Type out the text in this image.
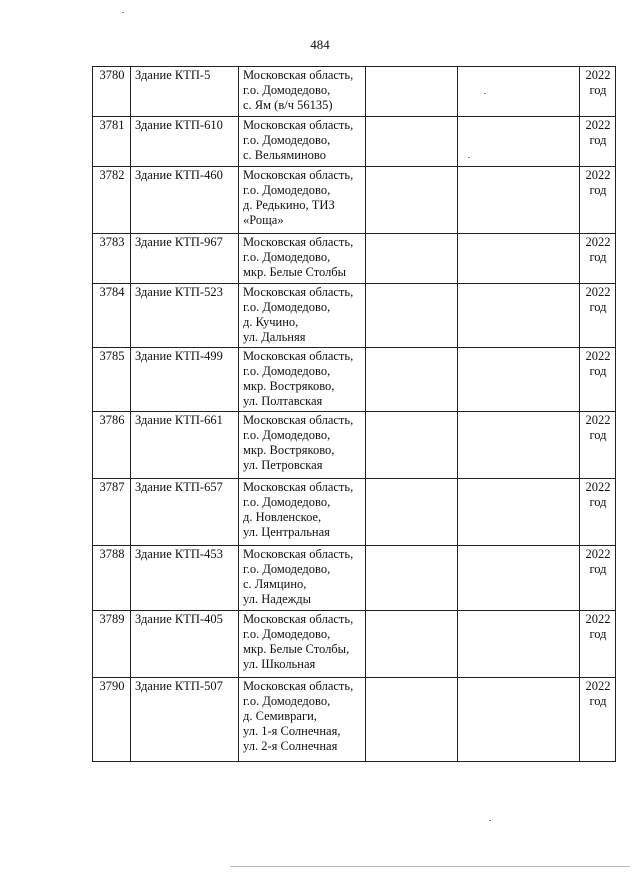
484
3780	Здание КТП-5	Московская область,
г.о. Домодедово,
с. Ям (в/ч 56135)			2022 год
3781	Здание КТП-610	Московская область,
г.о. Домодедово,
с. Вельяминово			2022 год
3782	Здание КТП-460	Московская область,
г.о. Домодедово,
д. Редькино, ТИЗ
«Роща»			2022 год
3783	Здание КТП-967	Московская область,
г.о. Домодедово,
мкр. Белые Столбы			2022 год
3784	Здание КТП-523	Московская область,
г.о. Домодедово,
д. Кучино,
ул. Дальняя			2022 год
3785	Здание КТП-499	Московская область,
г.о. Домодедово,
мкр. Востряково,
ул. Полтавская			2022 год
3786	Здание КТП-661	Московская область,
г.о. Домодедово,
мкр. Востряково,
ул. Петровская			2022 год
3787	Здание КТП-657	Московская область,
г.о. Домодедово,
д. Новленское,
ул. Центральная			2022 год
3788	Здание КТП-453	Московская область,
г.о. Домодедово,
с. Лямцино,
ул. Надежды			2022 год
3789	Здание КТП-405	Московская область,
г.о. Домодедово,
мкр. Белые Столбы,
ул. Школьная			2022 год
3790	Здание КТП-507	Московская область,
г.о. Домодедово,
д. Семивраги,
ул. 1-я Солнечная,
ул. 2-я Солнечная			2022 год
